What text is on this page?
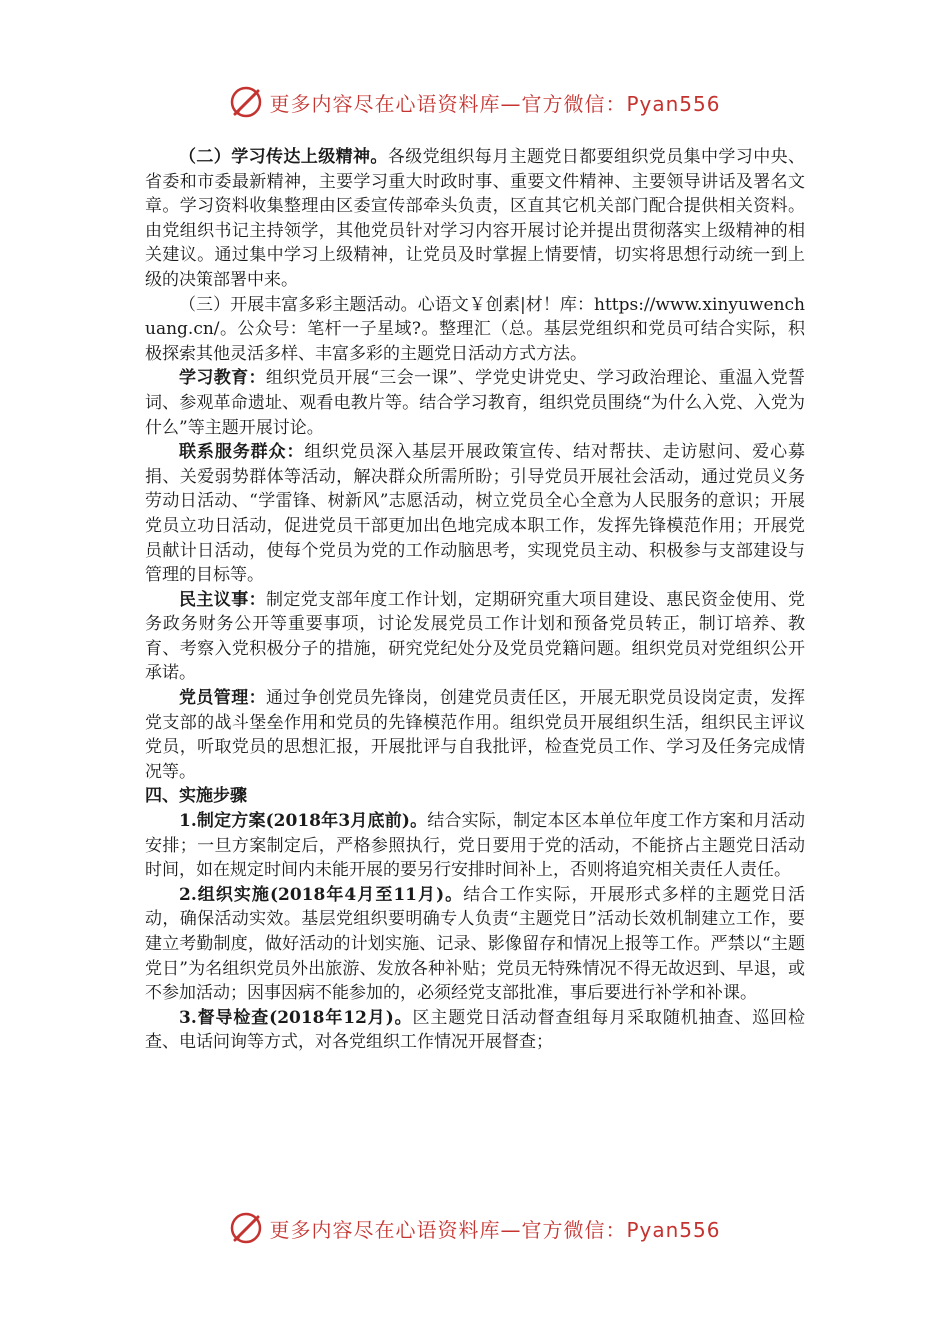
更多内容尽在心语资料库—官方微信：Pyan556

（二）学习传达上级精神。各级党组织每月主题党日都要组织党员集中学习中央、省委和市委最新精神，主要学习重大时政时事、重要文件精神、主要领导讲话及署名文章。学习资料收集整理由区委宣传部牵头负责，区直其它机关部门配合提供相关资料。由党组织书记主持领学，其他党员针对学习内容开展讨论并提出贯彻落实上级精神的相关建议。通过集中学习上级精神，让党员及时掌握上情要情，切实将思想行动统一到上级的决策部署中来。

（三）开展丰富多彩主题活动。心语文￥创素|材！库：https://www.xinyuwenchuang.cn/。公众号：笔杆一子星域?。整理汇（总。基层党组织和党员可结合实际，积极探索其他灵活多样、丰富多彩的主题党日活动方式方法。

学习教育：组织党员开展“三会一课”、学党史讲党史、学习政治理论、重温入党誓词、参观革命遗址、观看电教片等。结合学习教育，组织党员围绕“为什么入党、入党为什么”等主题开展讨论。

联系服务群众：组织党员深入基层开展政策宣传、结对帮扶、走访慰问、爱心募捐、关爱弱势群体等活动，解决群众所需所盼；引导党员开展社会活动，通过党员义务劳动日活动、“学雷锋、树新风”志愿活动，树立党员全心全意为人民服务的意识；开展党员立功日活动，促进党员干部更加出色地完成本职工作，发挥先锋模范作用；开展党员献计日活动，使每个党员为党的工作动脑思考，实现党员主动、积极参与支部建设与管理的目标等。

民主议事：制定党支部年度工作计划，定期研究重大项目建设、惠民资金使用、党务政务财务公开等重要事项，讨论发展党员工作计划和预备党员转正，制订培养、教育、考察入党积极分子的措施，研究党纪处分及党员党籍问题。组织党员对党组织公开承诺。

党员管理：通过争创党员先锋岗，创建党员责任区，开展无职党员设岗定责，发挥党支部的战斗堡垒作用和党员的先锋模范作用。组织党员开展组织生活，组织民主评议党员，听取党员的思想汇报，开展批评与自我批评，检查党员工作、学习及任务完成情况等。

四、实施步骤

1.制定方案(2018年3月底前)。结合实际，制定本区本单位年度工作方案和月活动安排；一旦方案制定后，严格参照执行，党日要用于党的活动，不能挤占主题党日活动时间，如在规定时间内未能开展的要另行安排时间补上，否则将追究相关责任人责任。

2.组织实施(2018年4月至11月)。结合工作实际，开展形式多样的主题党日活动，确保活动实效。基层党组织要明确专人负责“主题党日”活动长效机制建立工作，要建立考勤制度，做好活动的计划实施、记录、影像留存和情况上报等工作。严禁以“主题党日”为名组织党员外出旅游、发放各种补贴；党员无特殊情况不得无故迟到、早退，或不参加活动；因事因病不能参加的，必须经党支部批准，事后要进行补学和补课。

3.督导检查(2018年12月)。区主题党日活动督查组每月采取随机抽查、巡回检查、电话问询等方式，对各党组织工作情况开展督查；

更多内容尽在心语资料库—官方微信：Pyan556
